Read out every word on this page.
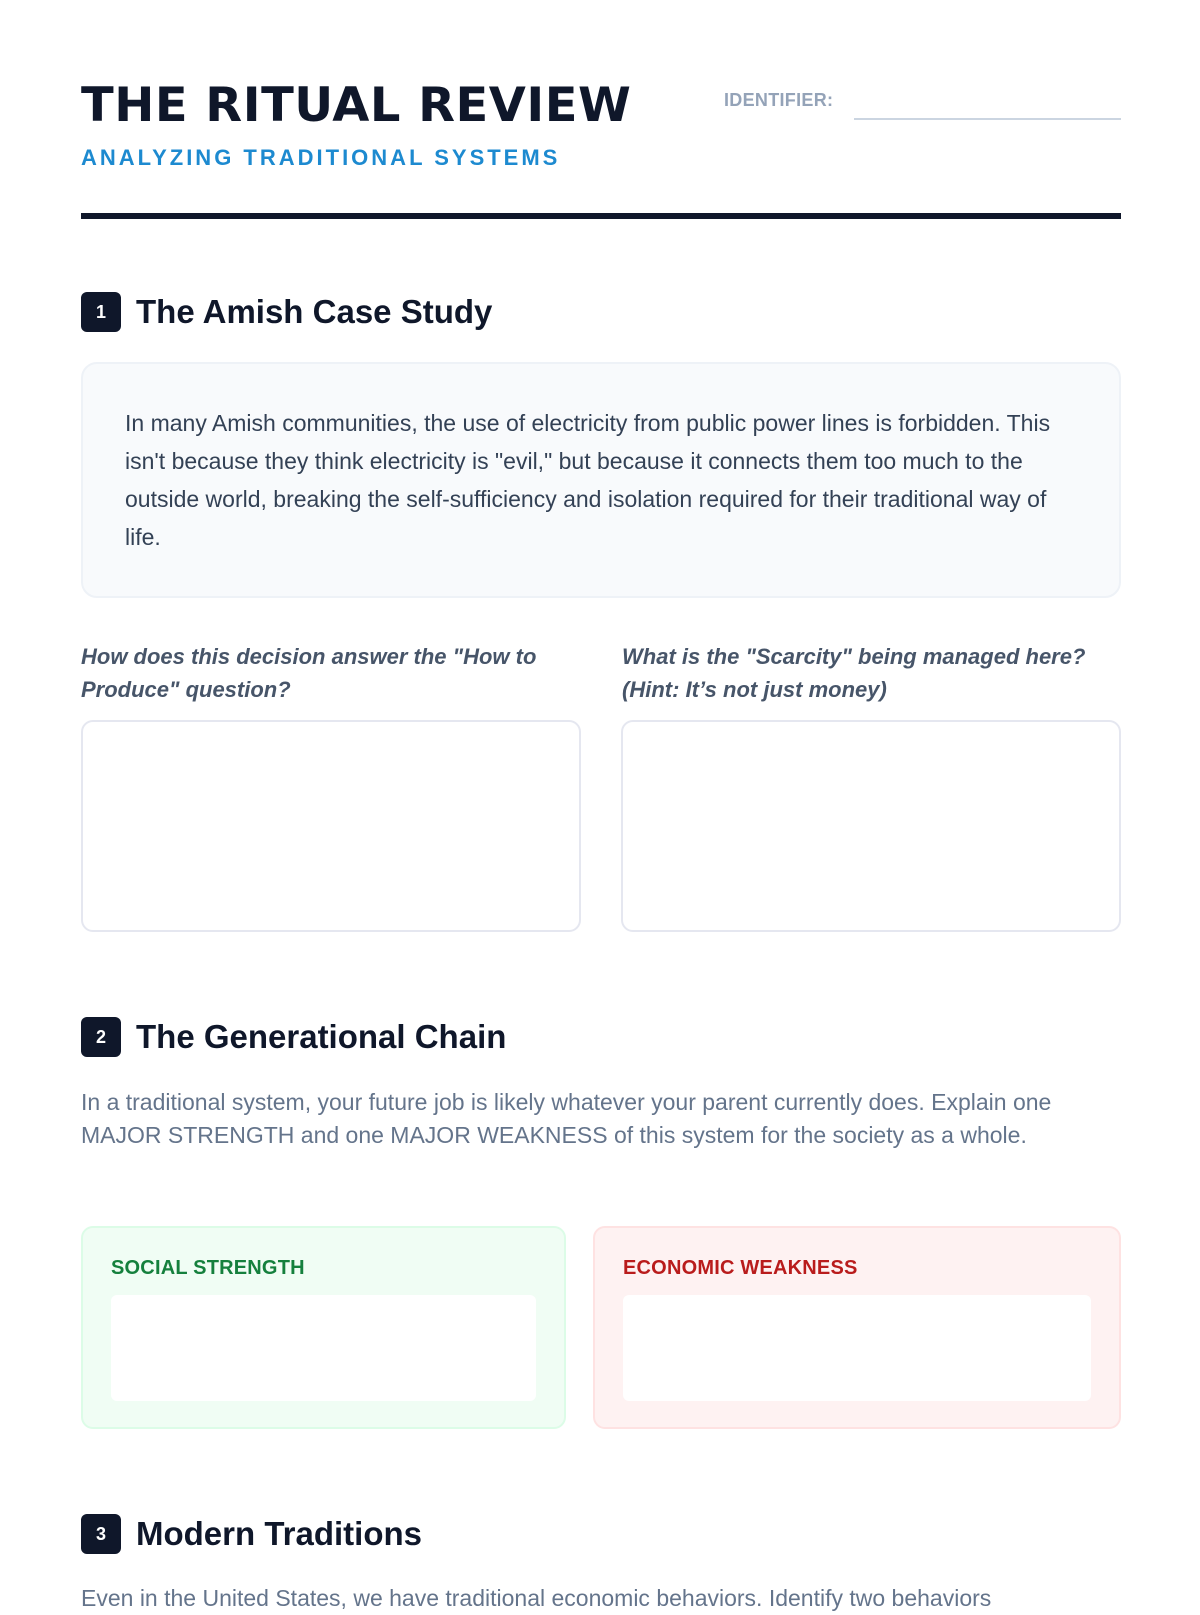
THE RITUAL REVIEW
ANALYZING TRADITIONAL SYSTEMS
IDENTIFIER:
1 The Amish Case Study
In many Amish communities, the use of electricity from public power lines is forbidden. This isn't because they think electricity is "evil," but because it connects them too much to the outside world, breaking the self-sufficiency and isolation required for their traditional way of life.
How does this decision answer the "How to Produce" question?
What is the "Scarcity" being managed here? (Hint: It’s not just money)
2 The Generational Chain
In a traditional system, your future job is likely whatever your parent currently does. Explain one MAJOR STRENGTH and one MAJOR WEAKNESS of this system for the society as a whole.
SOCIAL STRENGTH	ECONOMIC WEAKNESS
3 Modern Traditions
Even in the United States, we have traditional economic behaviors. Identify two behaviors
